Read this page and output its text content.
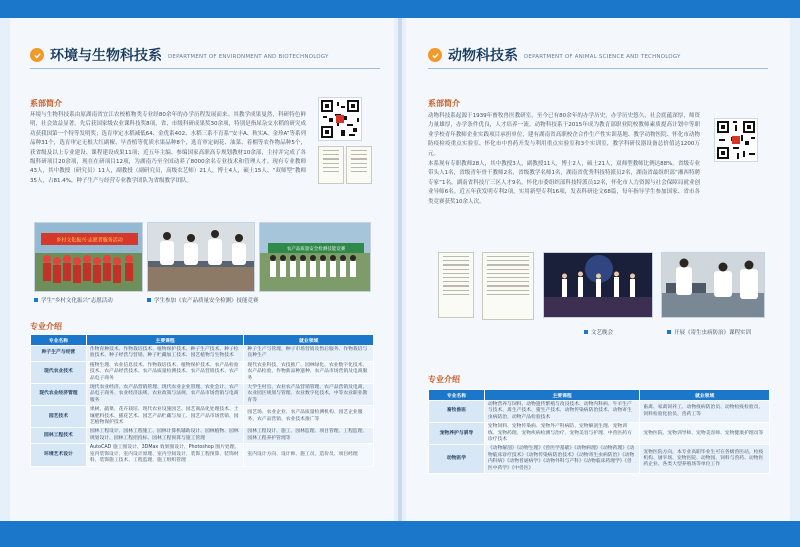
环境与生物科技系 DEPARTMENT OF ENVIRONMENT AND BIOTECHNOLOGY
系部简介
环境与生物科技系由原湖南省宜江农校植物类专业经80余年的办学历程发展而来。其教学成果曼然，科研特色鲜明，社会效益显著。先后获国家级农业课科技奖8项，省、市级科研成果奖30余项，特别是指尿杂交水稻的研究成功获我国第一个特等发明奖；选育审定水稻减低64、金优系402、水稻三系不育系“安丰A、秋实A、金珍A”等系列品种31个，选育审定无根大红副椒、早香植等优质水果品种8个，选育审定阔花、油菜、着榴等农作物品种5个，获省级及以上专业建设、课程建设成果11项；近五年主编、参编国家高职高专规划教材10余部，主持并完成了各级科研项目20余项，现在在研项目12项，为湖南乃至全国动养了8000余名专业技术和管理人才。现有专业教师43人，其中教授（研究员）11人，副教授（副研究员，高级农艺师）21人，博士4人，硕士15人、“双师型”教师35人，占81.4%，种子生产与经营专业教学团队为省级教学团队。
乡村文化振兴·志愿者服务活动
农产品质量安全检测技能竞赛
学生“乡村文化振兴”志愿活动	学生参加《农产品质量安全检测》技能竞赛
专业介绍
专业名称	主要课程	就业领域
种子生产与经营	作物育种技术、作物栽培技术、植物保护技术、种子生产技术、种子检验技术、种子经营与营销、种子贮藏加工技术、园艺植物与生物技术	种子生产与管理、种子市场营销及售后服务、作物栽培与良种生产
现代农业技术	植物生理、农业信息技术、作物栽培技术、植物保护技术、农产品检验技术、农产品经营技术、农产品质量检测技术、农产品营销技术、农产品电子商务	现代农业科技、农技推广、园林绿化、农业数字化技术、农产品检验、作物新品种遗种、农产品市场营销及电商服务
现代农业经济管理	现代农业经济、农产品营销管理、现代农业企业管理、农业会计、农产品电子商务、农业经济法规、农业政策与法规、农产品市场营销与电商服务	大学生村官、农业农产品营销管理、农产品营销及电商、农业园区规划与管理、农业数字化技术，中等农业职业教育等
园艺技术	果树、蔬菜、花卉栽培、现代农业设施园艺、园艺商品化处理技术、土壤肥料技术、插花艺术、园艺产品贮藏与加工、园艺产品市场营销、园艺植物保护技术	园艺场、农业企业、农产品质量检测机构、园艺企业服务、农产品营销、农业技术推广等
园林工程技术	园林工程设计、园林工程施工、园林计算机辅助设计、园林植物、园林规划设计、园林工程招投标、园林工程预算与施工管理	园林工程设计、施工、园林监理、项目管理、工程监理、园林工程养护管理等
环境艺术设计	AutoCAD 施工图设计、3DMax 效果图设计、Photoshop 图片处理、室内装饰设计、室内设计原理、室内空间设计、装饰工程预算、装饰材料、装饰施工技术、工程监理、施工组织管理	室内设计方向、设计师、施工员、造价员、项目经理
动物科技系 DEPARTMENT OF ANIMAL SCIENCE AND TECHNOLOGY
系部简介
动物科技系起源于1939年畜牧兽医教研室，至今已有80余年的办学历史，办学历史悠久，社会底蕴深厚，师资力量雄厚，办学条件优良，人才培养一流。动物科技系于2015年成为教育部职业院校教师素质提高计划中等职业学校青年教师企业实践项目承担单位，建有湖南省高职校企合作生产性实训基地、教学动物医院、怀化市动物防疫检疫重点实验室、怀化市中兽药开发与利用重点实验室和3个实训室，教学科研仪器设备总价值达1200万元。
本系现有专职教师28人，其中教授3人，副教授11人，博士2人，硕士21人，双师型教师比例达88%。省级专业带头人1名，省级青年骨干教师2名，省级教学名师1名，湖南省优秀科技特派员2名，湖南省最组织部“湘西特聘专家”1名，湖南省科技厅三区人才9名，怀化市委组织部科技特派员12名，怀化市人力资源与社会保障局就业创业导师6名。近五年获发明专利2项，实用新型专利16项，发表科研论文68篇，每年指导学生参加国家、省市各类竞赛获奖10余人次。
文艺晚会	开展《寄生虫病防治》课程实训
专业介绍
专业名称	主要课程	就业领域
畜牧兽医	动物营养与饲料、动物遗传繁殖与改良技术、动物内科病、牛羊生产与技术、禽生产技术、猪生产技术、动物传染病防治技术、动物寄生虫病防治、动物产品检验技术	畜禽、家禽饲养工、动物疫病防治员、动物检疫检验员、饲料检验化验员、兽药工等
宠物养护与驯导	宠物饲料、宠物传染病、宠物外产科病防、宠物解剖生理、宠物训练、宠物药理、宠物疾病检测与治疗、宠物美容与护理、中兽医药方诊疗技术	宠物医院、宠物训导师、宠物美容师、宠物健康护理员等
动物医学	《动物解剖》《动物生理》《兽医学基础》《动物病理》《动物药理》《动物临床诊疗技术》《动物传染病防治技术》《动物寄生虫病防治》《动物内科病》《动物普通病学》《动物外科与产科》《动物临床药理学》《兽医中药学》《中兽医》	宠物医院方向，本专业高职毕业生可在各级兽医站，检疫机构、屠宰场、宠物医院、动物园、饲料与兽药、动物医药企业、各类大型养殖场等单位工作
